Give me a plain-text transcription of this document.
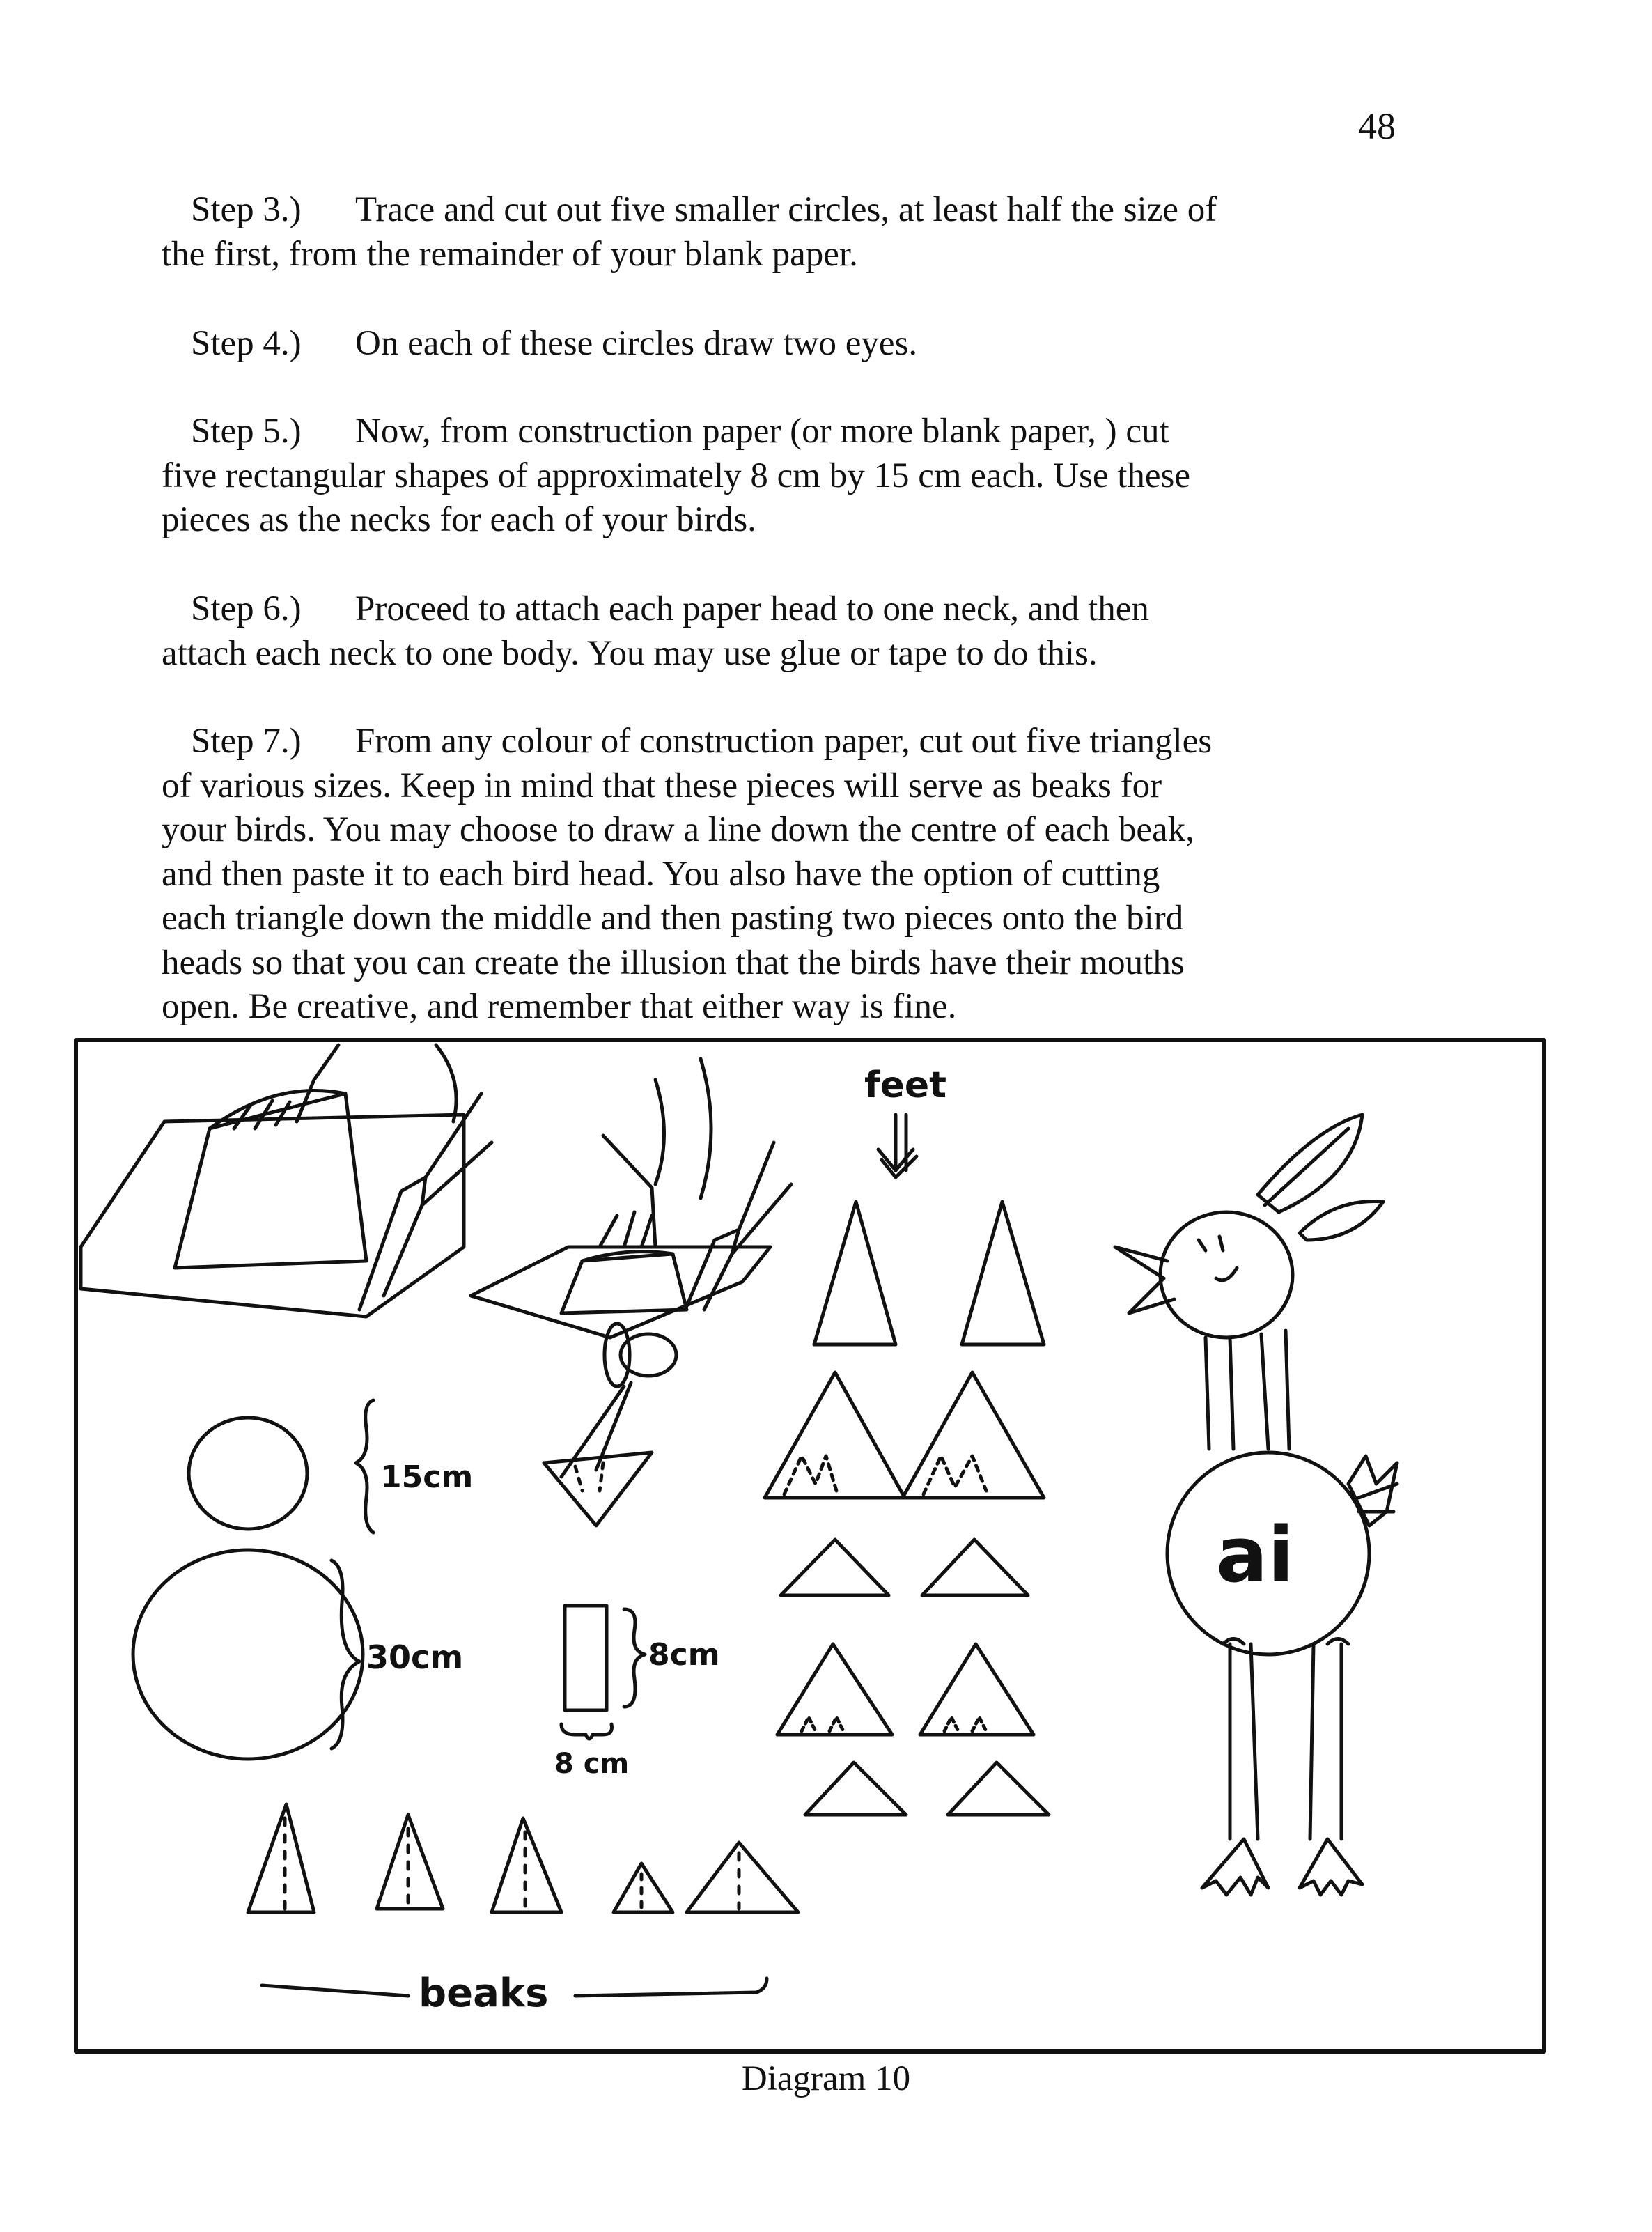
48

Step 3.) Trace and cut out five smaller circles, at least half the size of

the first, from the remainder of your blank paper.

Step 4.) On each of these circles draw two eyes.

Step 5.) Now, from construction paper (or more blank paper, ) cut

five rectangular shapes of approximately 8 cm by 15 cm each. Use these

pieces as the necks for each of your birds.

Step 6.) Proceed to attach each paper head to one neck, and then

attach each neck to one body. You may use glue or tape to do this.

Step 7.) From any colour of construction paper, cut out five triangles

of various sizes. Keep in mind that these pieces will serve as beaks for

your birds. You may choose to draw a line down the centre of each beak,

and then paste it to each bird head. You also have the option of cutting

each triangle down the middle and then pasting two pieces onto the bird

heads so that you can create the illusion that the birds have their mouths

open. Be creative, and remember that either way is fine.

feet
15cm
30cm	8cm
8 cm
beaks
ai
Diagram 10
